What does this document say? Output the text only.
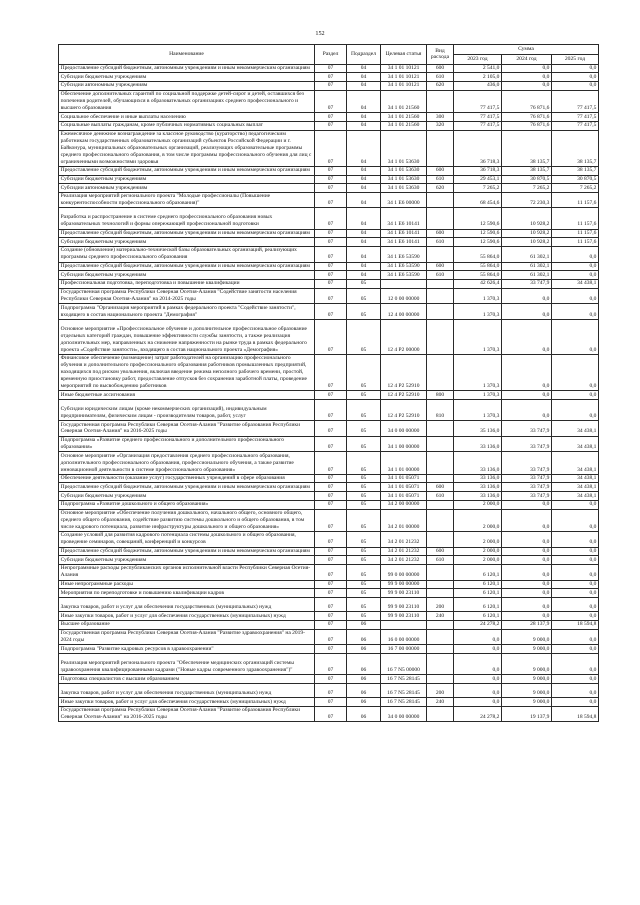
152
Наименование	Раздел	Подраздел	Целевая статья	Вид расхода	Сумма		
					2023 год	2024 год	2025 год
Предоставление субсидий бюджетным, автономным учреждениям и иным некоммерческим организациям	07	04	34 1 01 10121	600	2 541,0	0,0	0,0
Субсидии бюджетным учреждениям	07	04	34 1 01 10121	610	2 105,0	0,0	0,0
Субсидии автономным учреждениям	07	04	34 1 01 10121	620	436,0	0,0	0,0
Обеспечение дополнительных гарантий по социальной поддержке детей-сирот и детей, оставшихся без попечения родителей, обучающихся в образовательных организациях среднего профессионального и высшего образования	07	04	34 1 01 21560		77 417,5	76 871,6	77 417,5
Социальное обеспечение и иные выплаты населению	07	04	34 1 01 21560	300	77 417,5	76 871,6	77 417,5
Социальные выплаты гражданам, кроме публичных нормативных социальных выплат	07	04	34 1 01 21560	320	77 417,5	76 871,6	77 417,5
Ежемесячное денежное вознаграждение за классное руководство (кураторство) педагогическим работникам государственных образовательных организаций субъектов Российской Федерации и г. Байконура, муниципальных образовательных организаций, реализующих образовательные программы среднего профессионального образования, в том числе программы профессионального обучения для лиц с ограниченными возможностями здоровья	07	04	34 1 01 53630		36 718,3	38 135,7	38 135,7
Предоставление субсидий бюджетным, автономным учреждениям и иным некоммерческим организациям	07	04	34 1 01 53630	600	36 718,3	38 135,7	38 135,7
Субсидии бюджетным учреждениям	07	04	34 1 01 53630	610	29 453,1	30 870,5	30 870,5
Субсидии автономным учреждениям	07	04	34 1 01 53630	620	7 265,2	7 265,2	7 265,2
Реализация мероприятий регионального проекта "Молодые профессионалы (Повышение конкурентоспособности профессионального образования)"	07	04	34 1 E6 00000		68 454,6	72 230,3	11 157,6
Разработка и распространение в системе среднего профессионального образования новых образовательных технологий и формы опережающей профессиональной подготовки	07	04	34 1 E6 10141		12 590,6	10 928,2	11 157,6
Предоставление субсидий бюджетным, автономным учреждениям и иным некоммерческим организациям	07	04	34 1 E6 10141	600	12 590,6	10 928,2	11 157,6
Субсидии бюджетным учреждениям	07	04	34 1 E6 10141	610	12 590,6	10 928,2	11 157,6
Создание (обновление) материально-технической базы образовательных организаций, реализующих программы среднего профессионального образования	07	04	34 1 E6 53590		55 864,0	61 302,1	0,0
Предоставление субсидий бюджетным, автономным учреждениям и иным некоммерческим организациям	07	04	34 1 E6 53590	600	55 864,0	61 302,1	0,0
Субсидии бюджетным учреждениям	07	04	34 1 E6 53590	610	55 864,0	61 302,1	0,0
Профессиональная подготовка, переподготовка и повышение квалификации	07	05			42 626,4	33 747,9	34 438,1
Государственная программа Республики Северная Осетия-Алания "Содействие занятости населения Республики Северная Осетия-Алания" на 2014-2025 годы	07	05	12 0 00 00000		1 370,3	0,0	0,0
Подпрограмма "Организация мероприятий в рамках федерального проекта "Содействие занятости", входящего в состав национального проекта "Демография"	07	05	12 4 00 00000		1 370,3	0,0	0,0
Основное мероприятие «Профессиональное обучение и дополнительное профессиональное образование отдельных категорий граждан, повышение эффективности службы занятости, а также реализация дополнительных мер, направленных на снижение напряженности на рынке труда в рамках федерального проекта «Содействие занятости», входящего в состав национального проекта «Демография»	07	05	12 4 P2 00000		1 370,3	0,0	0,0
Финансовое обеспечение (возмещение) затрат работодателей на организацию профессионального обучения и дополнительного профессионального образования работников промышленных предприятий, находящихся под риском увольнения, включая введение режима неполного рабочего времени, простой, временную приостановку работ, предоставление отпусков без сохранения заработной платы, проведение мероприятий по высвобождению работников	07	05	12 4 P2 52910		1 370,3	0,0	0,0
Иные бюджетные ассигнования	07	05	12 4 P2 52910	800	1 370,3	0,0	0,0
Субсидии юридическим лицам (кроме некоммерческих организаций), индивидуальным предпринимателям, физическим лицам - производителям товаров, работ, услуг	07	05	12 4 P2 52910	810	1 370,3	0,0	0,0
Государственная программа Республики Северная Осетия-Алания "Развитие образования Республики Северная Осетия-Алания" на 2016-2025 годы	07	05	34 0 00 00000		35 136,0	33 747,9	34 438,1
Подпрограмма «Развитие среднего профессионального и дополнительного профессионального образования»	07	05	34 1 00 00000		33 136,0	33 747,9	34 438,1
Основное мероприятие «Организация предоставления среднего профессионального образования, дополнительного профессионального образования, профессионального обучения, а также развитие инновационной деятельности в системе профессионального образования»	07	05	34 1 01 00000		33 136,0	33 747,9	34 438,1
Обеспечение деятельности (оказание услуг) государственных учреждений в сфере образования	07	05	34 1 01 05071		33 136,0	33 747,9	34 438,1
Предоставление субсидий бюджетным, автономным учреждениям и иным некоммерческим организациям	07	05	34 1 01 05071	600	33 136,0	33 747,9	34 438,1
Субсидии бюджетным учреждениям	07	05	34 1 01 05071	610	33 136,0	33 747,9	34 438,1
Подпрограмма «Развитие дошкольного и общего образования»	07	05	34 2 00 00000		2 000,0	0,0	0,0
Основное мероприятие «Обеспечение получения дошкольного, начального общего, основного общего, среднего общего образования, содействие развитию системы дошкольного и общего образования, в том числе кадрового потенциала, развитие инфраструктуры дошкольного и общего образования»	07	05	34 2 01 00000		2 000,0	0,0	0,0
Создание условий для развития кадрового потенциала системы дошкольного и общего образования, проведение семинаров, совещаний, конференций и конкурсов	07	05	34 2 01 21232		2 000,0	0,0	0,0
Предоставление субсидий бюджетным, автономным учреждениям и иным некоммерческим организациям	07	05	34 2 01 21232	600	2 000,0	0,0	0,0
Субсидии бюджетным учреждениям	07	05	34 2 01 21232	610	2 000,0	0,0	0,0
Непрограммные расходы республиканских органов исполнительной власти Республики Северная Осетия-Алания	07	05	99 0 00 00000		6 120,1	0,0	0,0
Иные непрограммные расходы	07	05	99 9 00 00000		6 120,1	0,0	0,0
Мероприятия по переподготовке и повышению квалификации кадров	07	05	99 9 00 23110		6 120,1	0,0	0,0
Закупка товаров, работ и услуг для обеспечения государственных (муниципальных) нужд	07	05	99 9 00 23110	200	6 120,1	0,0	0,0
Иные закупки товаров, работ и услуг для обеспечения государственных (муниципальных) нужд	07	05	99 9 00 23110	240	6 120,1	0,0	0,0
Высшее образование	07	06			24 278,2	28 137,9	18 594,8
Государственная программа Республики Северная Осетия-Алания "Развитие здравоохранения" на 2019-2024 годы	07	06	16 0 00 00000		0,0	9 000,0	0,0
Подпрограмма "Развитие кадровых ресурсов в здравоохранении"	07	06	16 7 00 00000		0,0	9 000,0	0,0
Реализация мероприятий регионального проекта "Обеспечение медицинских организаций системы здравоохранения квалифицированными кадрами ("Новые кадры современного здравоохранения")"	07	06	16 7 N5 00000		0,0	9 000,0	0,0
Подготовка специалистов с высшим образованием	07	06	16 7 N5 28145		0,0	9 000,0	0,0
Закупка товаров, работ и услуг для обеспечения государственных (муниципальных) нужд	07	06	16 7 N5 28145	200	0,0	9 000,0	0,0
Иные закупки товаров, работ и услуг для обеспечения государственных (муниципальных) нужд	07	06	16 7 N5 28145	240	0,0	9 000,0	0,0
Государственная программа Республики Северная Осетия-Алания "Развитие образования Республики Северная Осетия-Алания" на 2016-2025 годы	07	06	34 0 00 00000		24 278,2	19 137,9	18 594,8
